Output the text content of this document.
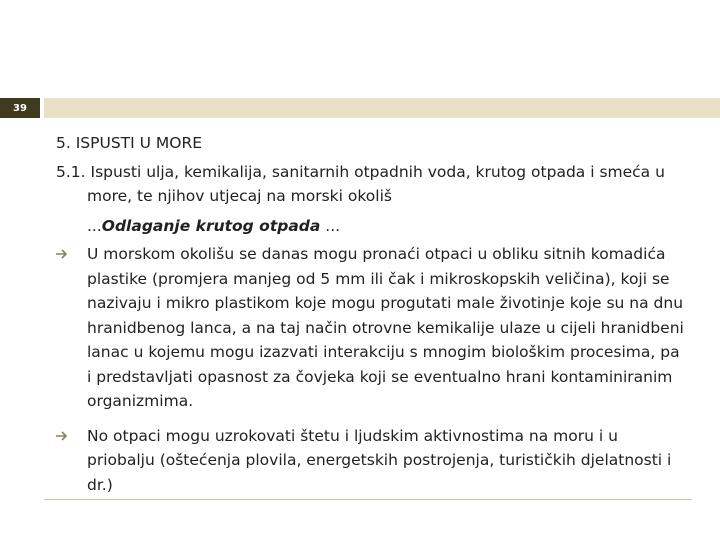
39
5. ISPUSTI U MORE
5.1. Ispusti ulja, kemikalija, sanitarnih otpadnih voda, krutog otpada i smeća u more, te njihov utjecaj na morski okoliš
...Odlaganje krutog otpada ...
U morskom okolišu se danas mogu pronaći otpaci u obliku sitnih komadića plastike (promjera manjeg od 5 mm ili čak i mikroskopskih veličina), koji se nazivaju i mikro plastikom koje mogu progutati male životinje koje su na dnu hranidbenog lanca, a na taj način otrovne kemikalije ulaze u cijeli hranidbeni lanac u kojemu mogu izazvati interakciju s mnogim biološkim procesima, pa i predstavljati opasnost za čovjeka koji se eventualno hrani kontaminiranim organizmima.
No otpaci mogu uzrokovati štetu i ljudskim aktivnostima na moru i u priobalju (oštećenja plovila, energetskih postrojenja, turističkih djelatnosti i dr.)
